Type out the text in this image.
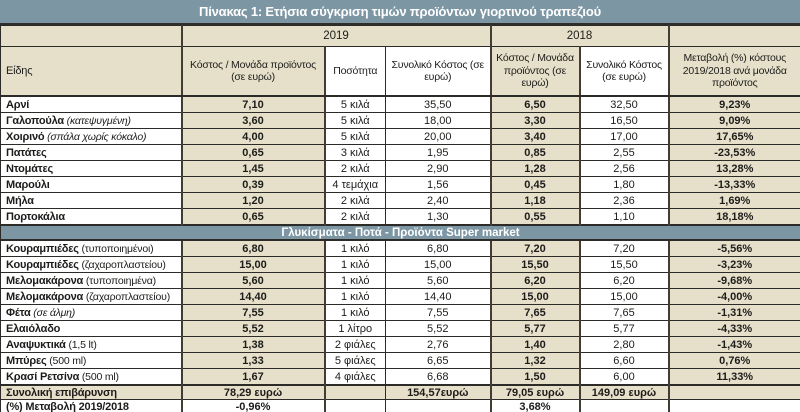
Πίνακας 1: Ετήσια σύγκριση τιμών προϊόντων γιορτινού τραπεζιού
	2019			2018		
Είδης	Κόστος / Μονάδα προϊόντος (σε ευρώ)	Ποσότητα	Συνολικό Κόστος (σε ευρώ)	Κόστος / Μονάδα προϊόντος (σε ευρώ)	Συνολικό Κόστος (σε ευρώ)	Μεταβολή (%) κόστους 2019/2018 ανά μονάδα προϊόντος
Αρνί	7,10	5 κιλά	35,50	6,50	32,50	9,23%
Γαλοπούλα (κατεψυγμένη)	3,60	5 κιλά	18,00	3,30	16,50	9,09%
Χοιρινό (σπάλα χωρίς κόκαλο)	4,00	5 κιλά	20,00	3,40	17,00	17,65%
Πατάτες	0,65	3 κιλά	1,95	0,85	2,55	-23,53%
Ντομάτες	1,45	2 κιλά	2,90	1,28	2,56	13,28%
Μαρούλι	0,39	4 τεμάχια	1,56	0,45	1,80	-13,33%
Μήλα	1,20	2 κιλά	2,40	1,18	2,36	1,69%
Πορτοκάλια	0,65	2 κιλά	1,30	0,55	1,10	18,18%
Γλυκίσματα - Ποτά - Προϊόντα Super market						
Κουραμπιέδες (τυποποιημένοι)	6,80	1 κιλό	6,80	7,20	7,20	-5,56%
Κουραμπιέδες (ζαχαροπλαστείου)	15,00	1 κιλό	15,00	15,50	15,50	-3,23%
Μελομακάρονα (τυποποιημένα)	5,60	1 κιλό	5,60	6,20	6,20	-9,68%
Μελομακάρονα (ζαχαροπλαστείου)	14,40	1 κιλό	14,40	15,00	15,00	-4,00%
Φέτα (σε άλμη)	7,55	1 κιλό	7,55	7,65	7,65	-1,31%
Ελαιόλαδο	5,52	1 λίτρο	5,52	5,77	5,77	-4,33%
Αναψυκτικά (1,5 lt)	1,38	2 φιάλες	2,76	1,40	2,80	-1,43%
Μπύρες (500 ml)	1,33	5 φιάλες	6,65	1,32	6,60	0,76%
Κρασί Ρετσίνα (500 ml)	1,67	4 φιάλες	6,68	1,50	6,00	11,33%
Συνολική επιβάρυνση	78,29 ευρώ		154,57ευρώ	79,05 ευρώ	149,09 ευρώ	
(%) Μεταβολή 2019/2018	-0,96%			3,68%		
